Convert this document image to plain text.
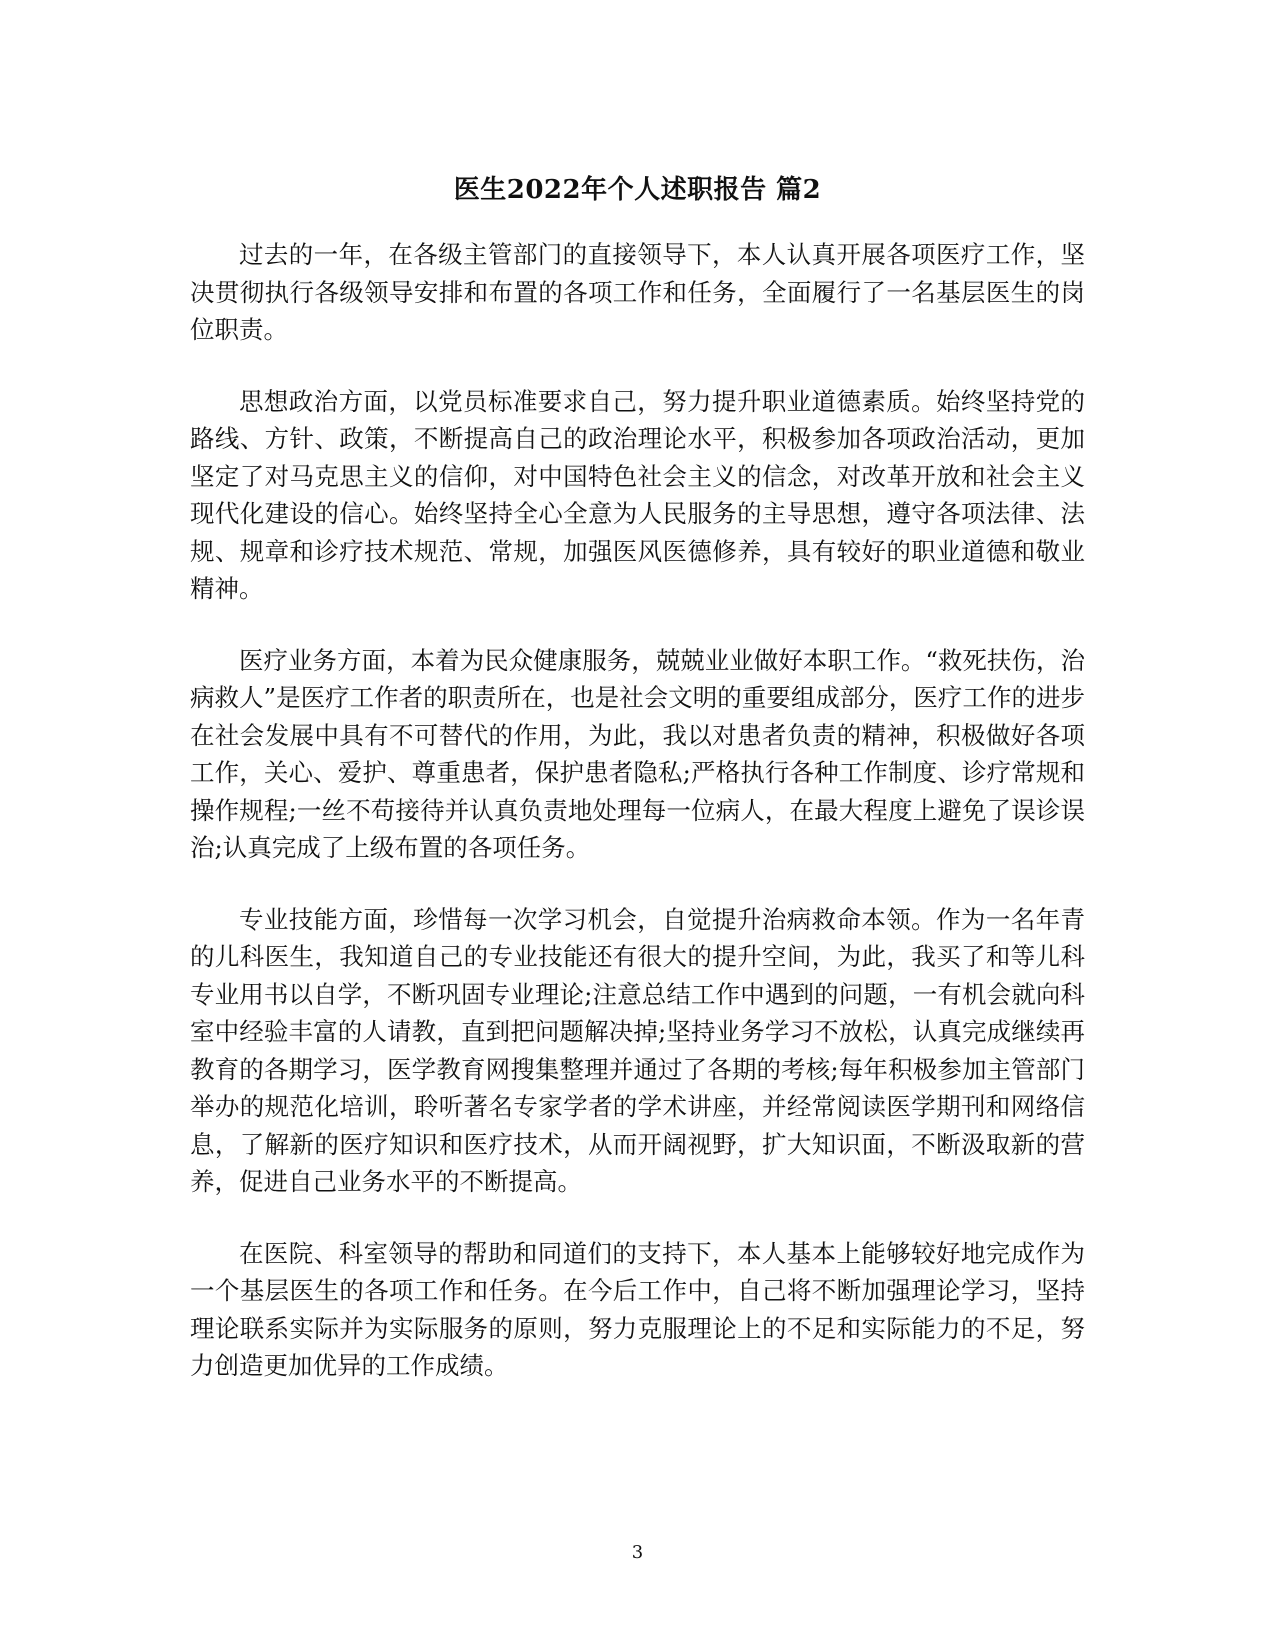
医生2022年个人述职报告 篇2

过去的一年，在各级主管部门的直接领导下，本人认真开展各项医疗工作，坚决贯彻执行各级领导安排和布置的各项工作和任务，全面履行了一名基层医生的岗位职责。

思想政治方面，以党员标准要求自己，努力提升职业道德素质。始终坚持党的路线、方针、政策，不断提高自己的政治理论水平，积极参加各项政治活动，更加坚定了对马克思主义的信仰，对中国特色社会主义的信念，对改革开放和社会主义现代化建设的信心。始终坚持全心全意为人民服务的主导思想，遵守各项法律、法规、规章和诊疗技术规范、常规，加强医风医德修养，具有较好的职业道德和敬业精神。

医疗业务方面，本着为民众健康服务，兢兢业业做好本职工作。“救死扶伤，治病救人”是医疗工作者的职责所在，也是社会文明的重要组成部分，医疗工作的进步在社会发展中具有不可替代的作用，为此，我以对患者负责的精神，积极做好各项工作，关心、爱护、尊重患者，保护患者隐私;严格执行各种工作制度、诊疗常规和操作规程;一丝不苟接待并认真负责地处理每一位病人，在最大程度上避免了误诊误治;认真完成了上级布置的各项任务。

专业技能方面，珍惜每一次学习机会，自觉提升治病救命本领。作为一名年青的儿科医生，我知道自己的专业技能还有很大的提升空间，为此，我买了和等儿科专业用书以自学，不断巩固专业理论;注意总结工作中遇到的问题，一有机会就向科室中经验丰富的人请教，直到把问题解决掉;坚持业务学习不放松，认真完成继续再教育的各期学习，医学教育网搜集整理并通过了各期的考核;每年积极参加主管部门举办的规范化培训，聆听著名专家学者的学术讲座，并经常阅读医学期刊和网络信息，了解新的医疗知识和医疗技术，从而开阔视野，扩大知识面，不断汲取新的营养，促进自己业务水平的不断提高。

在医院、科室领导的帮助和同道们的支持下，本人基本上能够较好地完成作为一个基层医生的各项工作和任务。在今后工作中，自己将不断加强理论学习，坚持理论联系实际并为实际服务的原则，努力克服理论上的不足和实际能力的不足，努力创造更加优异的工作成绩。

3
